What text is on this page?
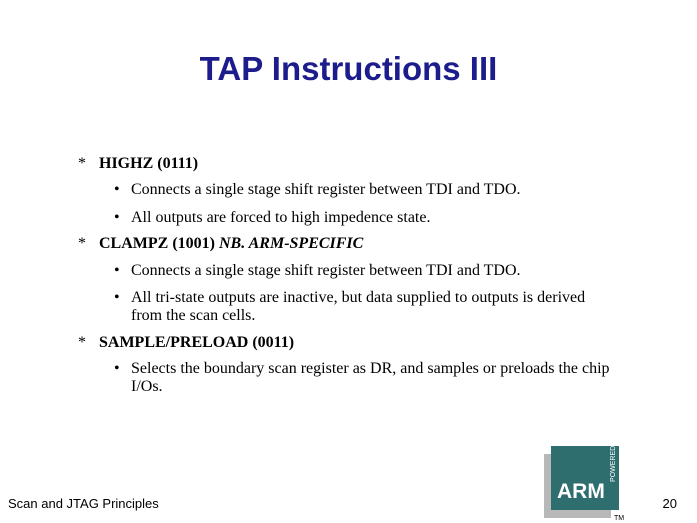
TAP Instructions III
* HIGHZ (0111)
• Connects a single stage shift register between TDI and TDO.
• All outputs are forced to high impedence state.
* CLAMPZ (1001) NB. ARM-SPECIFIC
• Connects a single stage shift register between TDI and TDO.
• All tri-state outputs are inactive, but data supplied to outputs is derived from the scan cells.
* SAMPLE/PRELOAD (0011)
• Selects the boundary scan register as DR, and samples or preloads the chip I/Os.
Scan and JTAG Principles	20
ARM
POWERED
TM
